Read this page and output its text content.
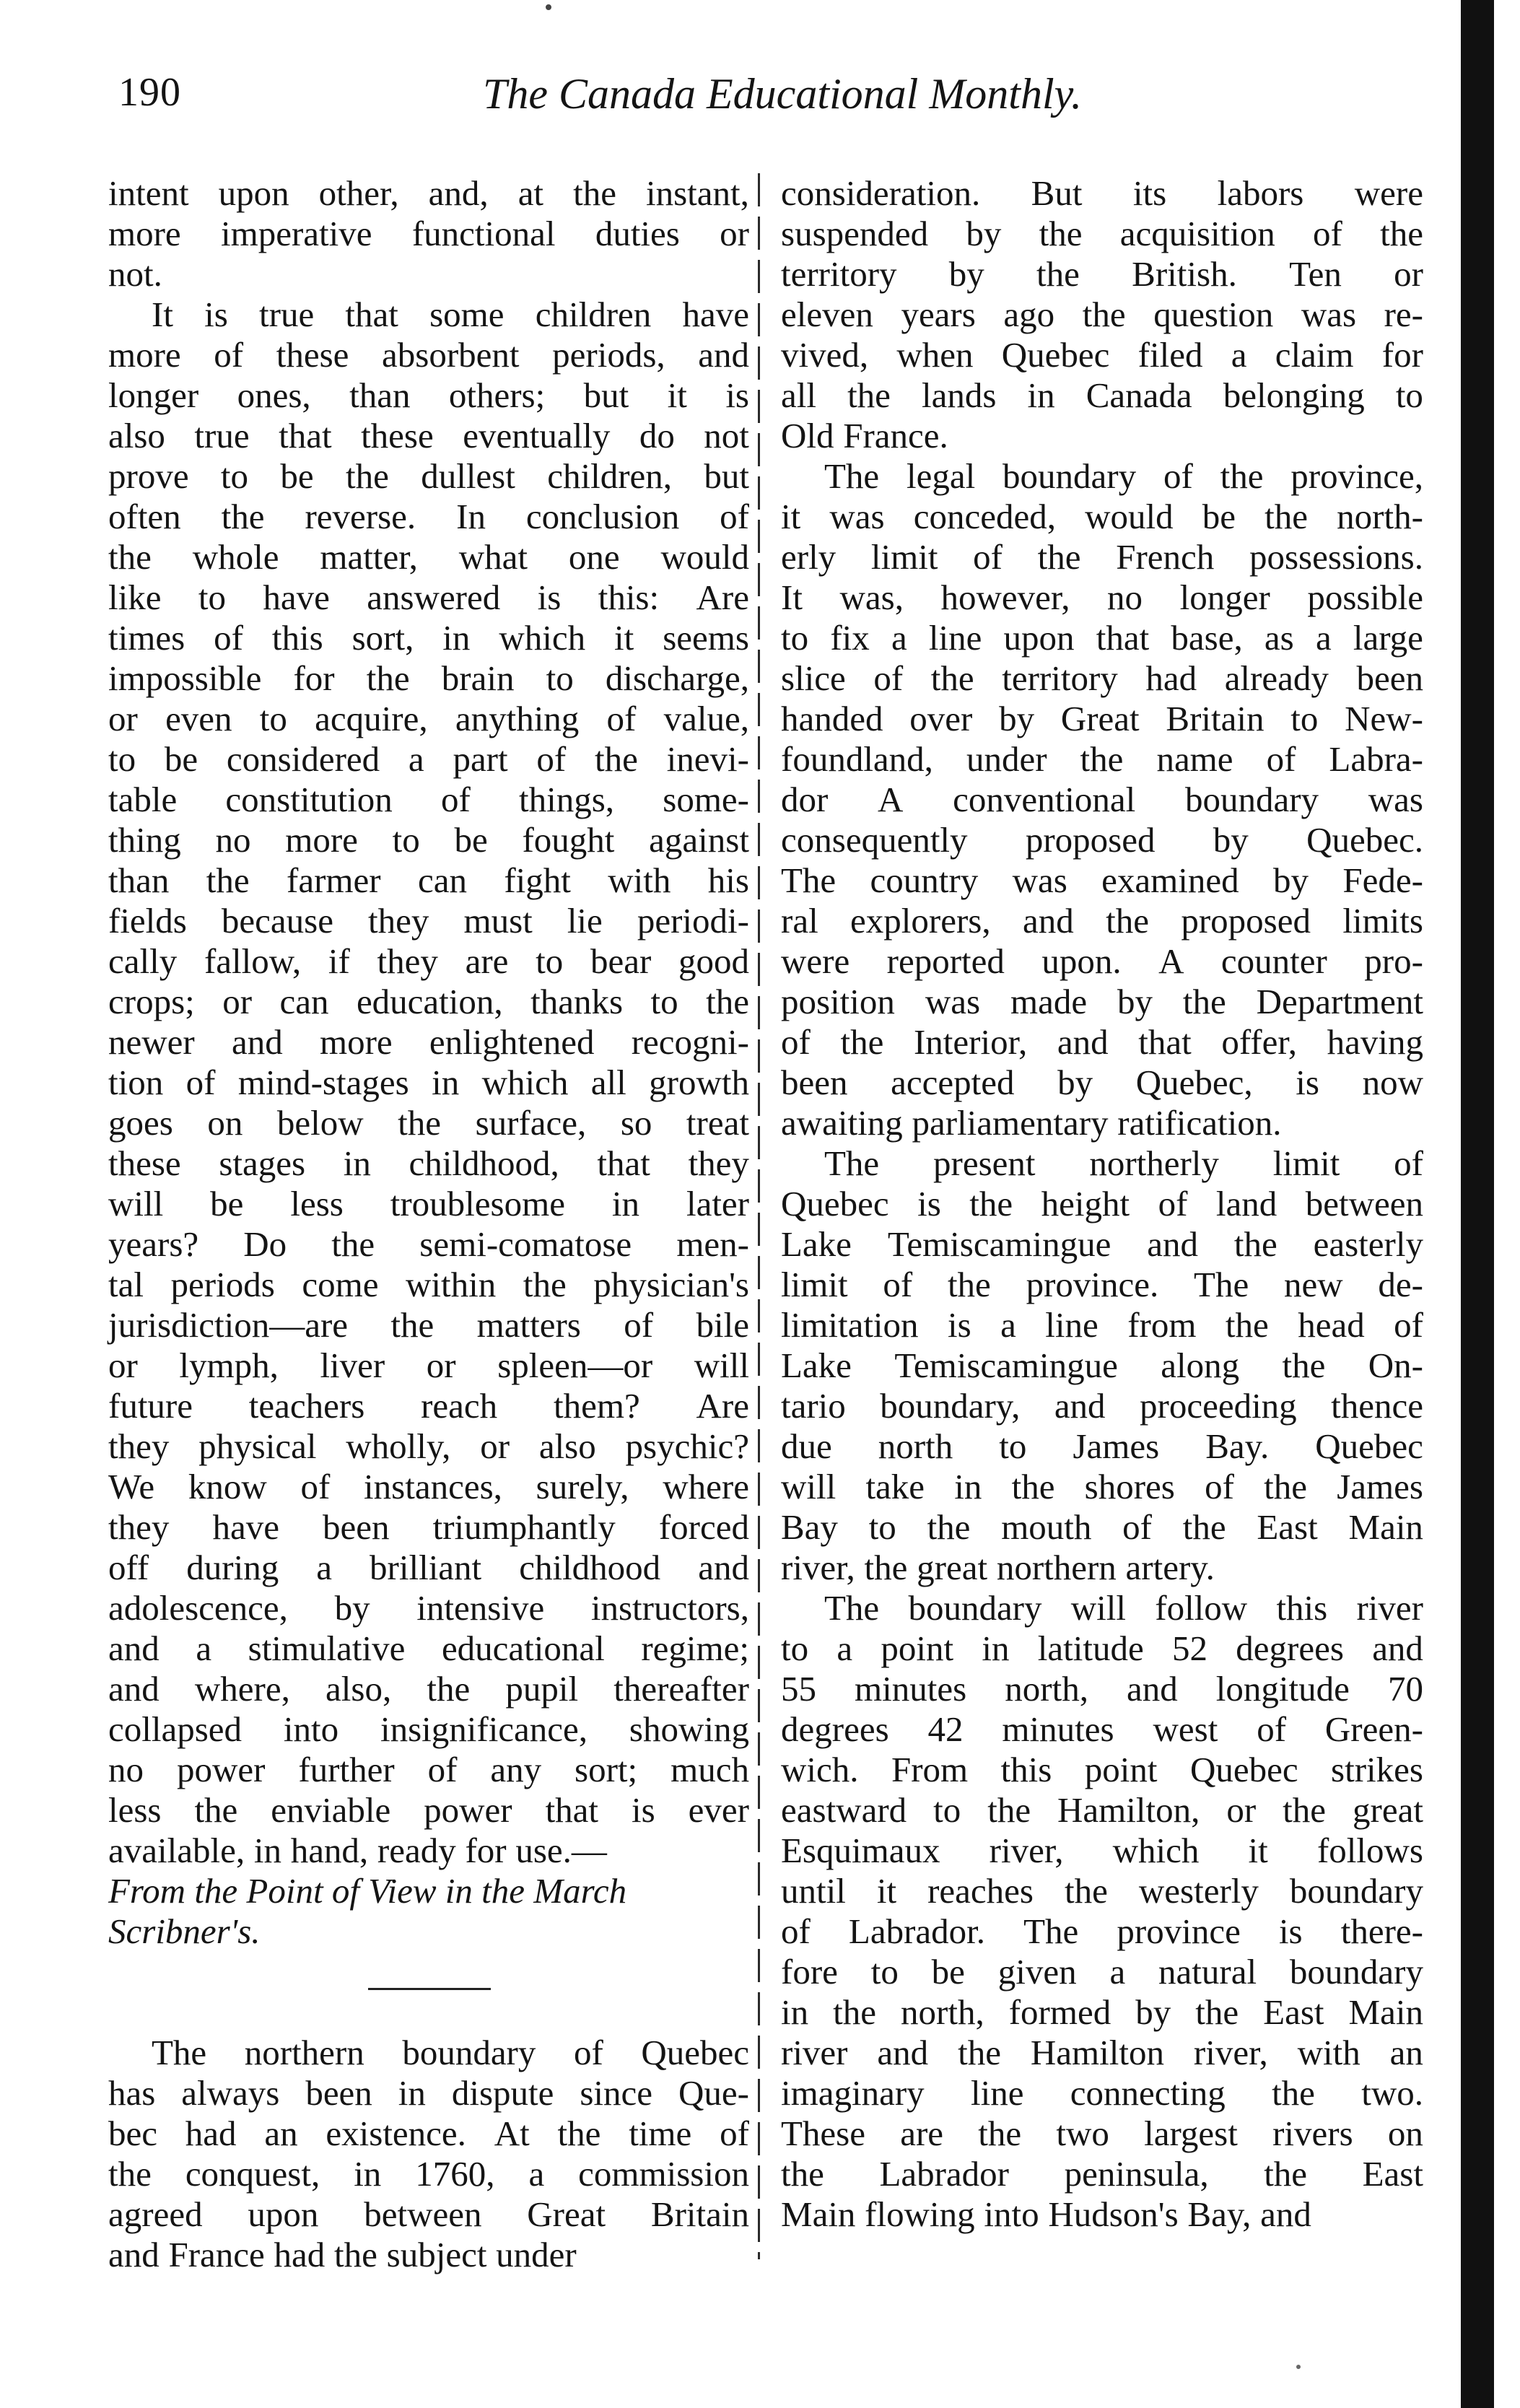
190	The Canada Educational Monthly.
intent upon other, and, at the instant,
more imperative functional duties or
not.
It is true that some children have
more of these absorbent periods, and
longer ones, than others; but it is
also true that these eventually do not
prove to be the dullest children, but
often the reverse. In conclusion of
the whole matter, what one would
like to have answered is this: Are
times of this sort, in which it seems
impossible for the brain to discharge,
or even to acquire, anything of value,
to be considered a part of the inevi-
table constitution of things, some-
thing no more to be fought against
than the farmer can fight with his
fields because they must lie periodi-
cally fallow, if they are to bear good
crops; or can education, thanks to the
newer and more enlightened recogni-
tion of mind-stages in which all growth
goes on below the surface, so treat
these stages in childhood, that they
will be less troublesome in later
years? Do the semi-comatose men-
tal periods come within the physician's
jurisdiction—are the matters of bile
or lymph, liver or spleen—or will
future teachers reach them? Are
they physical wholly, or also psychic?
We know of instances, surely, where
they have been triumphantly forced
off during a brilliant childhood and
adolescence, by intensive instructors,
and a stimulative educational regime;
and where, also, the pupil thereafter
collapsed into insignificance, showing
no power further of any sort; much
less the enviable power that is ever
available, in hand, ready for use.—
From the Point of View in the March
Scribner's.
The northern boundary of Quebec
has always been in dispute since Que-
bec had an existence. At the time of
the conquest, in 1760, a commission
agreed upon between Great Britain
and France had the subject under
consideration. But its labors were
suspended by the acquisition of the
territory by the British. Ten or
eleven years ago the question was re-
vived, when Quebec filed a claim for
all the lands in Canada belonging to
Old France.
The legal boundary of the province,
it was conceded, would be the north-
erly limit of the French possessions.
It was, however, no longer possible
to fix a line upon that base, as a large
slice of the territory had already been
handed over by Great Britain to New-
foundland, under the name of Labra-
dor A conventional boundary was
consequently proposed by Quebec.
The country was examined by Fede-
ral explorers, and the proposed limits
were reported upon. A counter pro-
position was made by the Department
of the Interior, and that offer, having
been accepted by Quebec, is now
awaiting parliamentary ratification.
The present northerly limit of
Quebec is the height of land between
Lake Temiscamingue and the easterly
limit of the province. The new de-
limitation is a line from the head of
Lake Temiscamingue along the On-
tario boundary, and proceeding thence
due north to James Bay. Quebec
will take in the shores of the James
Bay to the mouth of the East Main
river, the great northern artery.
The boundary will follow this river
to a point in latitude 52 degrees and
55 minutes north, and longitude 70
degrees 42 minutes west of Green-
wich. From this point Quebec strikes
eastward to the Hamilton, or the great
Esquimaux river, which it follows
until it reaches the westerly boundary
of Labrador. The province is there-
fore to be given a natural boundary
in the north, formed by the East Main
river and the Hamilton river, with an
imaginary line connecting the two.
These are the two largest rivers on
the Labrador peninsula, the East
Main flowing into Hudson's Bay, and
